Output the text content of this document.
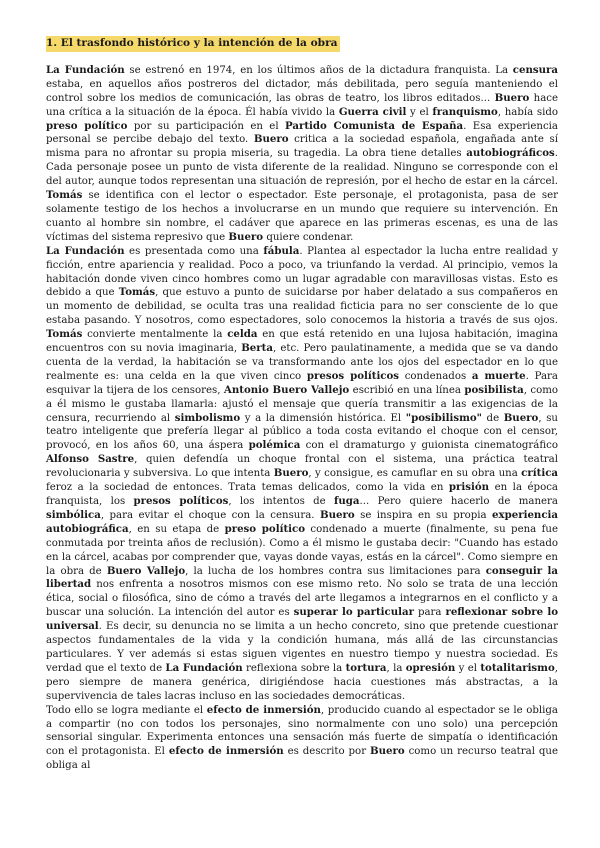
1. El trasfondo histórico y la intención de la obra

La Fundación se estrenó en 1974, en los últimos años de la dictadura franquista. La censura estaba, en aquellos años postreros del dictador, más debilitada, pero seguía manteniendo el control sobre los medios de comunicación, las obras de teatro, los libros editados... Buero hace una crítica a la situación de la época. Él había vivido la Guerra civil y el franquismo, había sido preso político por su participación en el Partido Comunista de España. Esa experiencia personal se percibe debajo del texto. Buero critica a la sociedad española, engañada ante sí misma para no afrontar su propia miseria, su tragedia. La obra tiene detalles autobiográficos. Cada personaje posee un punto de vista diferente de la realidad. Ninguno se corresponde con el del autor, aunque todos representan una situación de represión, por el hecho de estar en la cárcel. Tomás se identifica con el lector o espectador. Este personaje, el protagonista, pasa de ser solamente testigo de los hechos a involucrarse en un mundo que requiere su intervención. En cuanto al hombre sin nombre, el cadáver que aparece en las primeras escenas, es una de las víctimas del sistema represivo que Buero quiere condenar.

La Fundación es presentada como una fábula. Plantea al espectador la lucha entre realidad y ficción, entre apariencia y realidad. Poco a poco, va triunfando la verdad. Al principio, vemos la habitación donde viven cinco hombres como un lugar agradable con maravillosas vistas. Esto es debido a que Tomás, que estuvo a punto de suicidarse por haber delatado a sus compañeros en un momento de debilidad, se oculta tras una realidad ficticia para no ser consciente de lo que estaba pasando. Y nosotros, como espectadores, solo conocemos la historia a través de sus ojos. Tomás convierte mentalmente la celda en que está retenido en una lujosa habitación, imagina encuentros con su novia imaginaria, Berta, etc. Pero paulatinamente, a medida que se va dando cuenta de la verdad, la habitación se va transformando ante los ojos del espectador en lo que realmente es: una celda en la que viven cinco presos políticos condenados a muerte. Para esquivar la tijera de los censores, Antonio Buero Vallejo escribió en una línea posibilista, como a él mismo le gustaba llamarla: ajustó el mensaje que quería transmitir a las exigencias de la censura, recurriendo al simbolismo y a la dimensión histórica. El "posibilismo" de Buero, su teatro inteligente que prefería llegar al público a toda costa evitando el choque con el censor, provocó, en los años 60, una áspera polémica con el dramaturgo y guionista cinematográfico Alfonso Sastre, quien defendía un choque frontal con el sistema, una práctica teatral revolucionaria y subversiva. Lo que intenta Buero, y consigue, es camuflar en su obra una crítica feroz a la sociedad de entonces. Trata temas delicados, como la vida en prisión en la época franquista, los presos políticos, los intentos de fuga... Pero quiere hacerlo de manera simbólica, para evitar el choque con la censura. Buero se inspira en su propia experiencia autobiográfica, en su etapa de preso político condenado a muerte (finalmente, su pena fue conmutada por treinta años de reclusión). Como a él mismo le gustaba decir: "Cuando has estado en la cárcel, acabas por comprender que, vayas donde vayas, estás en la cárcel". Como siempre en la obra de Buero Vallejo, la lucha de los hombres contra sus limitaciones para conseguir la libertad nos enfrenta a nosotros mismos con ese mismo reto. No solo se trata de una lección ética, social o filosófica, sino de cómo a través del arte llegamos a integrarnos en el conflicto y a buscar una solución. La intención del autor es superar lo particular para reflexionar sobre lo universal. Es decir, su denuncia no se limita a un hecho concreto, sino que pretende cuestionar aspectos fundamentales de la vida y la condición humana, más allá de las circunstancias particulares. Y ver además si estas siguen vigentes en nuestro tiempo y nuestra sociedad. Es verdad que el texto de La Fundación reflexiona sobre la tortura, la opresión y el totalitarismo, pero siempre de manera genérica, dirigiéndose hacia cuestiones más abstractas, a la supervivencia de tales lacras incluso en las sociedades democráticas.

Todo ello se logra mediante el efecto de inmersión, producido cuando al espectador se le obliga a compartir (no con todos los personajes, sino normalmente con uno solo) una percepción sensorial singular. Experimenta entonces una sensación más fuerte de simpatía o identificación con el protagonista. El efecto de inmersión es descrito por Buero como un recurso teatral que obliga al
